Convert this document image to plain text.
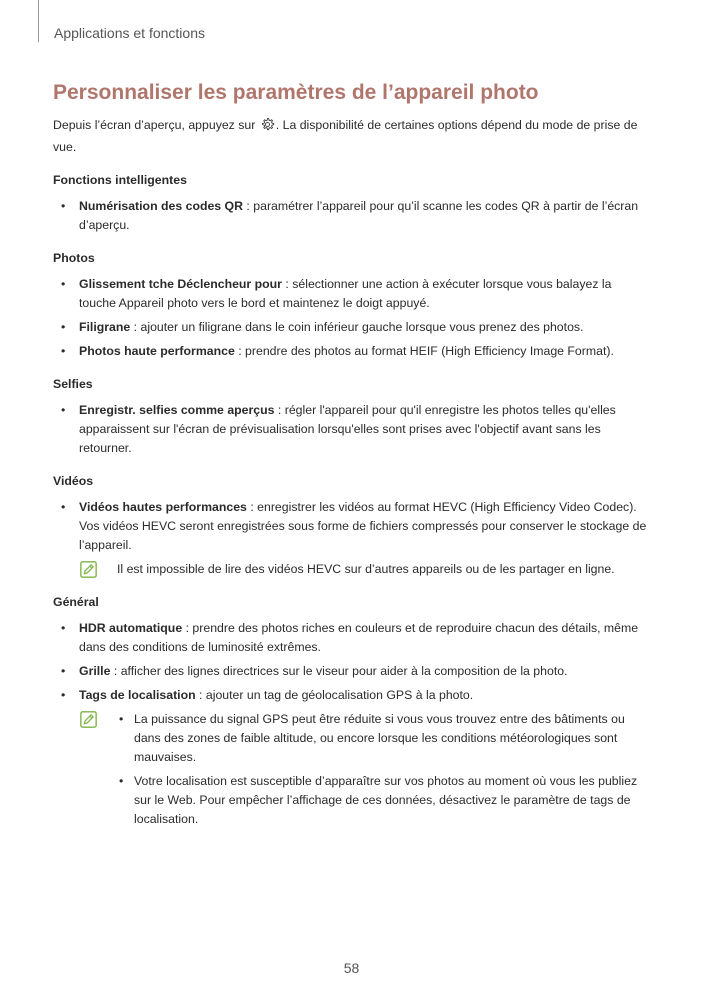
Applications et fonctions
Personnaliser les paramètres de l’appareil photo

Depuis l’écran d’aperçu, appuyez sur . La disponibilité de certaines options dépend du mode de prise de vue.

Fonctions intelligentes
• Numérisation des codes QR : paramétrer l’appareil pour qu’il scanne les codes QR à partir de l’écran d’aperçu.
Photos
• Glissement tche Déclencheur pour : sélectionner une action à exécuter lorsque vous balayez la touche Appareil photo vers le bord et maintenez le doigt appuyé.
• Filigrane : ajouter un filigrane dans le coin inférieur gauche lorsque vous prenez des photos.
• Photos haute performance : prendre des photos au format HEIF (High Efficiency Image Format).
Selfies
• Enregistr. selfies comme aperçus : régler l'appareil pour qu'il enregistre les photos telles qu'elles apparaissent sur l'écran de prévisualisation lorsqu'elles sont prises avec l'objectif avant sans les retourner.
Vidéos
• Vidéos hautes performances : enregistrer les vidéos au format HEVC (High Efficiency Video Codec). Vos vidéos HEVC seront enregistrées sous forme de fichiers compressés pour conserver le stockage de l’appareil.
Il est impossible de lire des vidéos HEVC sur d’autres appareils ou de les partager en ligne.
Général
• HDR automatique : prendre des photos riches en couleurs et de reproduire chacun des détails, même dans des conditions de luminosité extrêmes.
• Grille : afficher des lignes directrices sur le viseur pour aider à la composition de la photo.
• Tags de localisation : ajouter un tag de géolocalisation GPS à la photo.
• La puissance du signal GPS peut être réduite si vous vous trouvez entre des bâtiments ou dans des zones de faible altitude, ou encore lorsque les conditions météorologiques sont mauvaises.
• Votre localisation est susceptible d’apparaître sur vos photos au moment où vous les publiez sur le Web. Pour empêcher l’affichage de ces données, désactivez le paramètre de tags de localisation.
58
